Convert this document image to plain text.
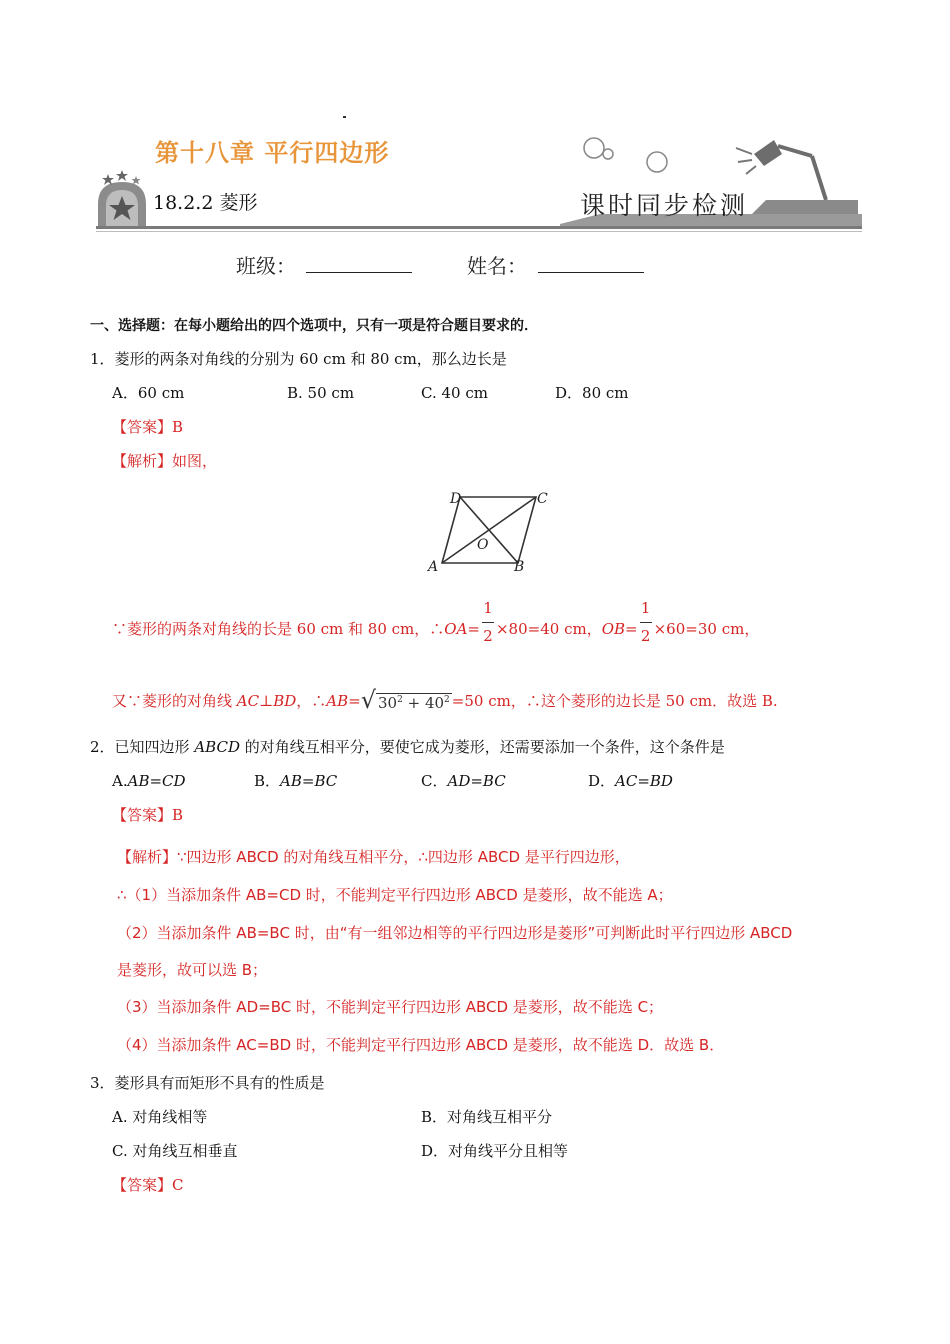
第十八章 平行四边形
18.2.2 菱形	课时同步检测
班级：	姓名：
一、选择题：在每小题给出的四个选项中，只有一项是符合题目要求的．
1．菱形的两条对角线的分别为 60 cm 和 80 cm，那么边长是
A．60 cm	B. 50 cm	C. 40 cm	D．80 cm
【答案】B
【解析】如图，
D	C
O
A	B
∵菱形的两条对角线的长是 60 cm 和 80 cm，∴OA= $\frac{1}{2} \times 80=40$ cm，$OB= \frac{1}{2} \times 60=30$ cm，
又∵菱形的对角线 AC⊥BD，∴AB=√ $30^2 + 40^2 =50$ cm，∴这个菱形的边长是 50 cm．故选 B.
2．已知四边形 ABCD 的对角线互相平分，要使它成为菱形，还需要添加一个条件，这个条件是
A.AB=CD	B．AB=BC	C．AD=BC	D．AC=BD
【答案】B
【解析】∵四边形 ABCD 的对角线互相平分，∴四边形 ABCD 是平行四边形，
∴（1）当添加条件 AB=CD 时，不能判定平行四边形 ABCD 是菱形，故不能选 A；
（2）当添加条件 AB=BC 时，由“有一组邻边相等的平行四边形是菱形”可判断此时平行四边形 ABCD
是菱形，故可以选 B；
（3）当添加条件 AD=BC 时，不能判定平行四边形 ABCD 是菱形，故不能选 C；
（4）当添加条件 AC=BD 时，不能判定平行四边形 ABCD 是菱形，故不能选 D．故选 B．
3．菱形具有而矩形不具有的性质是
A. 对角线相等	B．对角线互相平分
C. 对角线互相垂直	D．对角线平分且相等
【答案】C
